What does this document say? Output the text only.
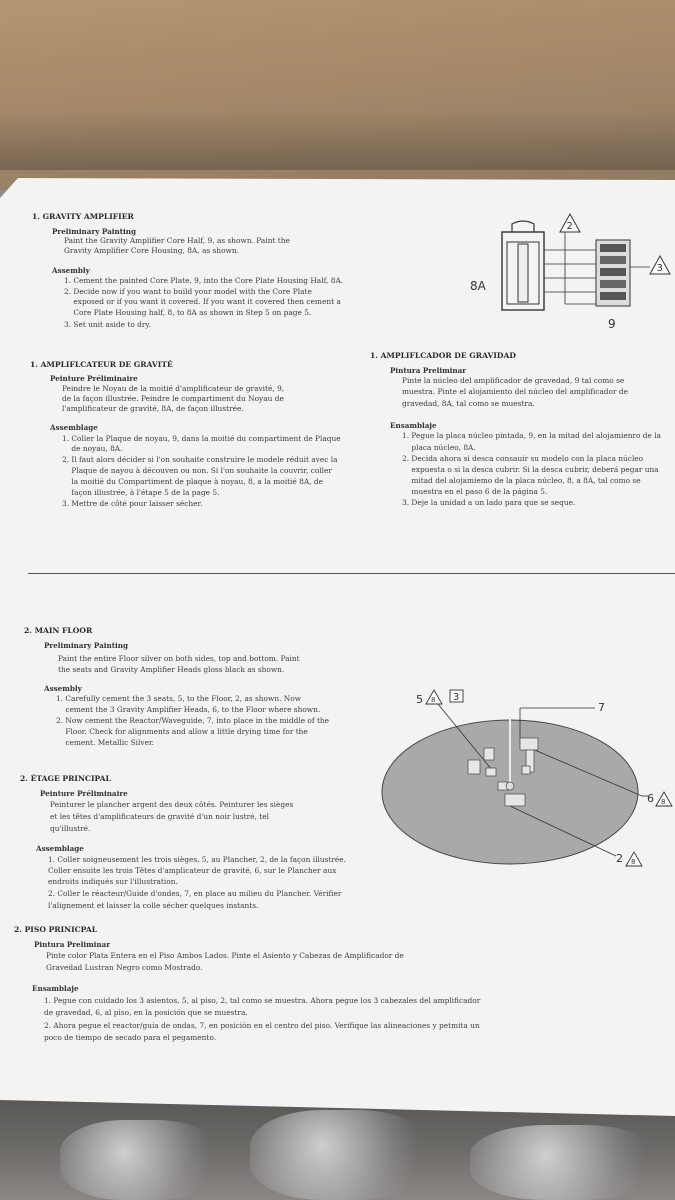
1. GRAVITY AMPLIFIER
Preliminary Painting
Paint the Gravity Amplifier Core Half, 9, as shown. Paint the
Gravity Amplifier Core Housing, 8A, as shown.
Assembly
1. Cement the painted Core Plate, 9, into the Core Plate Housing Half, 8A.
2. Decide now if you want to build your model with the Core Plate
exposed or if you want it covered. If you want it covered then cement a
Core Plate Housing half, 8, to 8A as shown in Step 5 on page 5.
3. Set unit aside to dry.
2
3
8A
9
1. AMPLIFLCATEUR DE GRAVITÉ
Peinture Préliminaire
Peindre le Noyau de la moitié d'amplificateur de gravité, 9,
de la façon illustrée. Peindre le compartiment du Noyau de
l'amplificateur de gravité, 8A, de façon illustrée.
Assemblage
1. Coller la Plaque de noyau, 9, dans la moitié du compartiment de Plaque
de noyau, 8A.
2. Il faut alors décider si l'on souhaite construire le modele réduit avec la
Plaque de nayou à découven ou non. Si l'on souhaite la couvrir, coller
la moitié du Compartiment de plaque à noyau, 8, a la moitié 8A, de
façon illustrée, à l'étape 5 de la page 5.
3. Mettre de côté pour laisser sécher.
1. AMPLIFLCADOR DE GRAVIDAD
Pintura Preliminar
Pinte la núcleo del amplificador de gravedad, 9 tal como se
muestra. Pinte el alojamiento del núcleo del amplificador de
gravedad, 8A, tal como se muestra.
Ensamblaje
1. Pegue la placa núcleo pintada, 9, en la mitad del alojamienro de la
placa núcleo, 8A.
2. Decida ahora si desca consauir su modelo con la placa núcleo
expuesta o si la desca cubrir. Si la desca cubrir, deberá pegar una
mitad del alojamiemo de la placa núcleo, 8, a 8A, tal como se
muestra en el paso 6 de la página 5.
3. Deje la unidad a un lado para que se seque.
2. MAIN FLOOR
Preliminary Painting
Paint the entire Floor silver on both sides, top and bottom. Paint
the seats and Gravity Amplifier Heads gloss black as shown.
Assembly
1. Carefully cement the 3 seats, 5, to the Floor, 2, as shown. Now
cement the 3 Gravity Amplifier Heads, 6, to the Floor where shown.
2. Now cement the Reactor/Waveguide, 7, into place in the middle of the
Floor. Check for alignments and allow a little drying time for the
cement. Metallic Silver.
2. ÉTAGE PRINCIPAL
Peinture Préliminaire
Peinturer le plancher argent des deux côtés. Peinturer les sièges
et les têtes d'amplificateurs de gravité d'un noir lustré, tel
qu'illustré.
Assemblage
1. Coller soigneusement les trois sièges, 5, au Plancher, 2, de la façon illustrée.
Coller ensuite les trois Têtes d'amplicateur de gravité, 6, sur le Plancher aux
endroits indiqués sur l'illustration.
2. Coller le réacteur/Guide d'ondes, 7, en place au milieu du Plancher. Vérifier
l'alignement et laisser la colle sécher quelques instants.
5 8 3
7
6 8
2 8
2. PISO PRINICPAL
Pintura Preliminar
Pinte color Plata Entera en el Piso Ambos Lados. Pinte el Asiento y Cabezas de Amplificador de
Gravedad Lustran Negro como Mostrado.
Ensamblaje
1. Pegue con cuidado los 3 asientos, 5, al piso, 2, tal como se muestra. Ahora pegue los 3 cabezales del amplificador
de gravedad, 6, al piso, en la posición que se muestra.
2. Ahora pegue el reactor/guía de ondas, 7, en posición en el centro del piso. Verifique las alineaciones y petmita un
poco de tiempo de secado para el pegamento.
